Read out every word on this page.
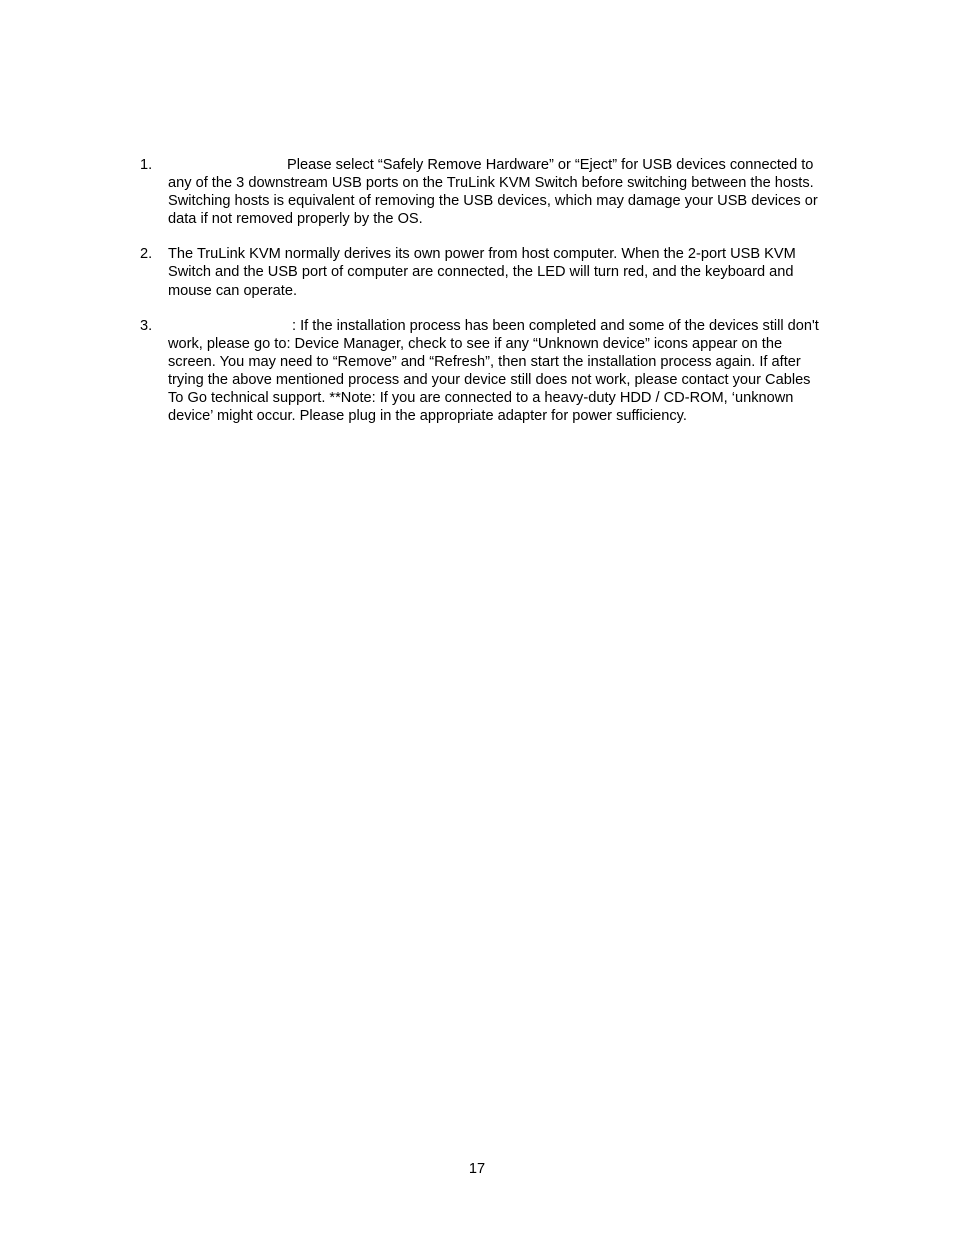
1.	Please select “Safely Remove Hardware” or “Eject” for USB devices connected to any of the 3 downstream USB ports on the TruLink KVM Switch before switching between the hosts. Switching hosts is equivalent of removing the USB devices, which may damage your USB devices or data if not removed properly by the OS.
2. The TruLink KVM normally derives its own power from host computer. When the 2-port USB KVM Switch and the USB port of computer are connected, the LED will turn red, and the keyboard and mouse can operate.
3.	: If the installation process has been completed and some of the devices still don't work, please go to: Device Manager, check to see if any “Unknown device” icons appear on the screen. You may need to “Remove” and “Refresh”, then start the installation process again. If after trying the above mentioned process and your device still does not work, please contact your Cables To Go technical support. **Note: If you are connected to a heavy-duty HDD / CD-ROM, ‘unknown device’ might occur. Please plug in the appropriate adapter for power sufficiency.
17
